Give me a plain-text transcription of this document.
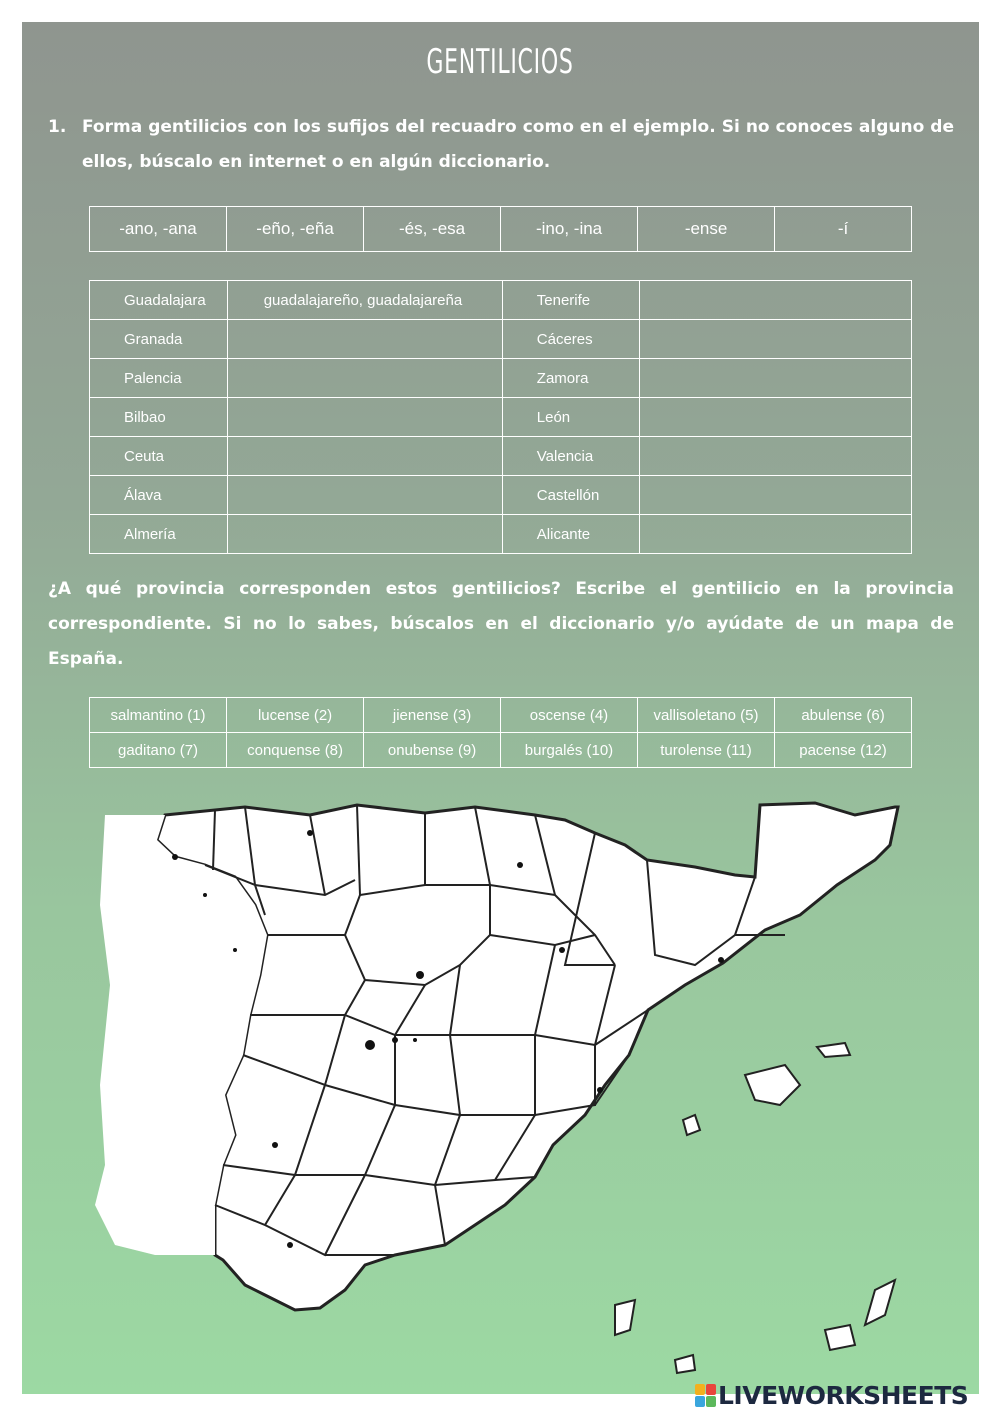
GENTILICIOS
1. Forma gentilicios con los sufijos del recuadro como en el ejemplo. Si no conoces alguno de ellos, búscalo en internet o en algún diccionario.
-ano, -ana	-eño, -eña	-és, -esa	-ino, -ina	-ense	-í
Guadalajara	guadalajareño, guadalajareña	Tenerife	
Granada		Cáceres	
Palencia		Zamora	
Bilbao		León	
Ceuta		Valencia	
Álava		Castellón	
Almería		Alicante	
¿A qué provincia corresponden estos gentilicios? Escribe el gentilicio en la provincia correspondiente. Si no lo sabes, búscalos en el diccionario y/o ayúdate de un mapa de España.
salmantino (1)	lucense (2)	jienense (3)	oscense (4)	vallisoletano (5)	abulense (6)
gaditano (7)	conquense (8)	onubense (9)	burgalés (10)	turolense (11)	pacense (12)
LIVEWORKSHEETS
